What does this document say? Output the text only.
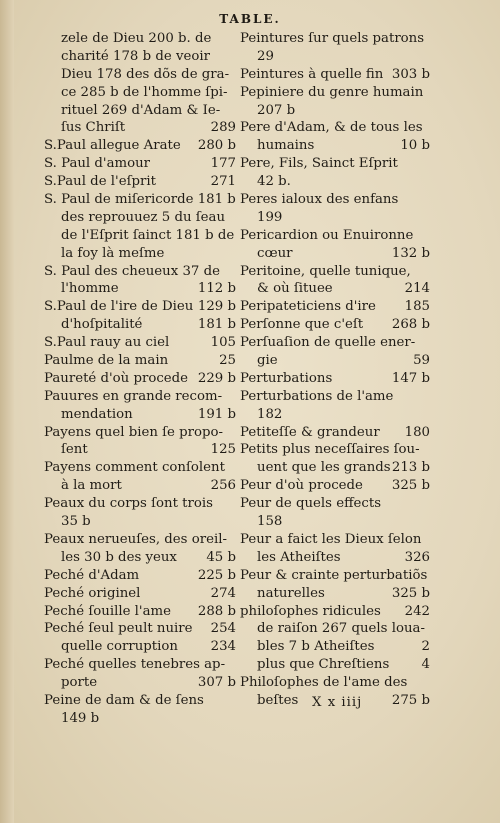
TABLE.
zele de Dieu 200 b. de
charité 178 b de veoir
Dieu 178 des dõs de gra-
ce 285 b de l'homme ſpi-
rituel 269 d'Adam & Ie-
ſus Chriſt	289
S.Paul allegue Arate 280 b
S. Paul d'amour	177
S.Paul de l'eſprit	271
S. Paul de miſericorde 181 b
des reprouuez 5 du ſeau
de l'Eſprit ſainct 181 b de
la foy là meſme
S. Paul des cheueux 37 de
l'homme	112 b
S.Paul de l'ire de Dieu 129 b
d'hoſpitalité	181 b
S.Paul rauy au ciel	105
Paulme de la main	25
Paureté d'où procede 229 b
Pauures en grande recom-
mendation	191 b
Payens quel bien ſe propo-
ſent	125
Payens comment conſolent
à la mort	256
Peaux du corps ſont trois
35 b
Peaux nerueuſes, des oreil-
les 30 b des yeux 45 b
Peché d'Adam	225 b
Peché originel	274
Peché ſouille l'ame 288 b
Peché ſeul peult nuire 254
quelle corruption 234
Peché quelles tenebres ap-
porte	307 b
Peine de dam & de ſens
149 b
Peintures ſur quels patrons
29
Peintures à quelle fin 303 b
Pepiniere du genre humain
207 b
Pere d'Adam, & de tous les
humains	10 b
Pere, Fils, Sainct Eſprit
42 b.
Peres ialoux des enfans
199
Pericardion ou Enuironne
cœur	132 b
Peritoine, quelle tunique,
& où ſituee	214
Peripateticiens d'ire 185
Perſonne que c'eſt 268 b
Perſuaſion de quelle ener-
gie	59
Perturbations	147 b
Perturbations de l'ame
182
Petiteſſe & grandeur 180
Petits plus neceſſaires ſou-
uent que les grands 213 b
Peur d'où procede 325 b
Peur de quels effects
158
Peur a faict les Dieux ſelon
les Atheiſtes	326
Peur & crainte perturbatiõs
naturelles	325 b
philoſophes ridicules 242
de raiſon 267 quels loua-
bles 7 b Atheiſtes	2
plus que Chreſtiens 4
Philoſophes de l'ame des
beſtes	275 b
X x iiij
